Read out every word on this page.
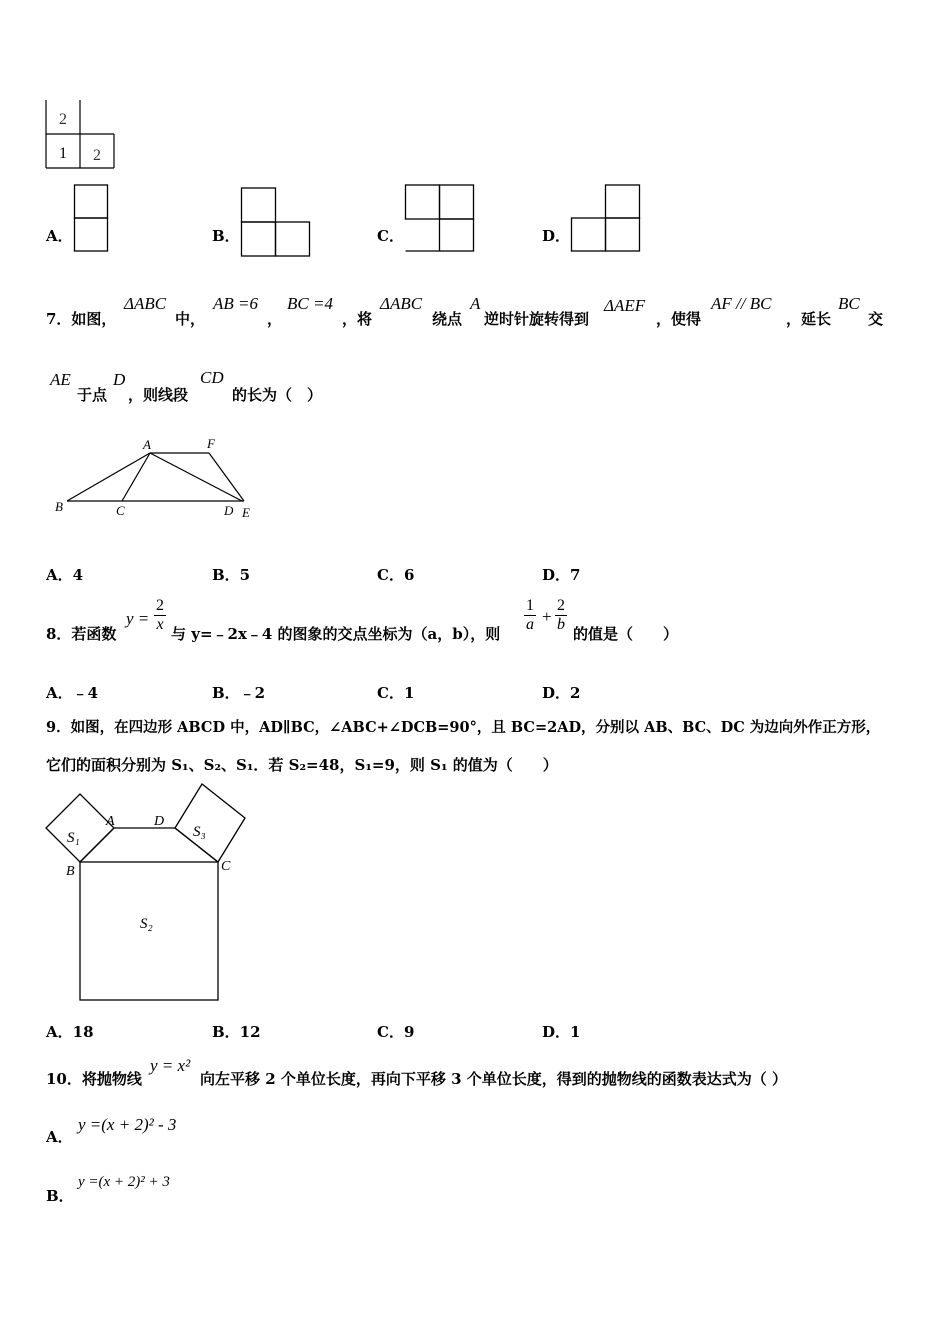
2
1 2
A．	B．	C．	D．
7．如图，
ΔABC
中，
AB =6
，
BC =4
，将
ΔABC
绕点
A
逆时针旋转得到
ΔAEF
，使得
AF // BC
，延长
BC
交
AE
于点
D
，则线段
CD
的长为（　）
A	F
B	C	D E
A．4	B．5	C．6	D．7
8．若函数
$y = \frac{2}{x}$ 与 y=﹣2x﹣4 的图象的交点坐标为（a，b），则 $\frac{1}{a} + \frac{2}{b}$ 的值是（　　）
A．﹣4	B．﹣2	C．1	D．2
9．如图，在四边形 ABCD 中，AD∥BC，∠ABC+∠DCB=90°，且 BC=2AD，分别以 AB、BC、DC 为边向外作正方形，
它们的面积分别为 S₁、S₂、S₁．若 S₂=48，S₁=9，则 S₁ 的值为（　　）
A	D
B	C
S₁	S₃
S₂
A．18	B．12	C．9	D．1
10．将抛物线
y = x²
向左平移 2 个单位长度，再向下平移 3 个单位长度，得到的抛物线的函数表达式为（ ）
A．
y =(x + 2)² - 3
B．
y =(x + 2)² + 3
